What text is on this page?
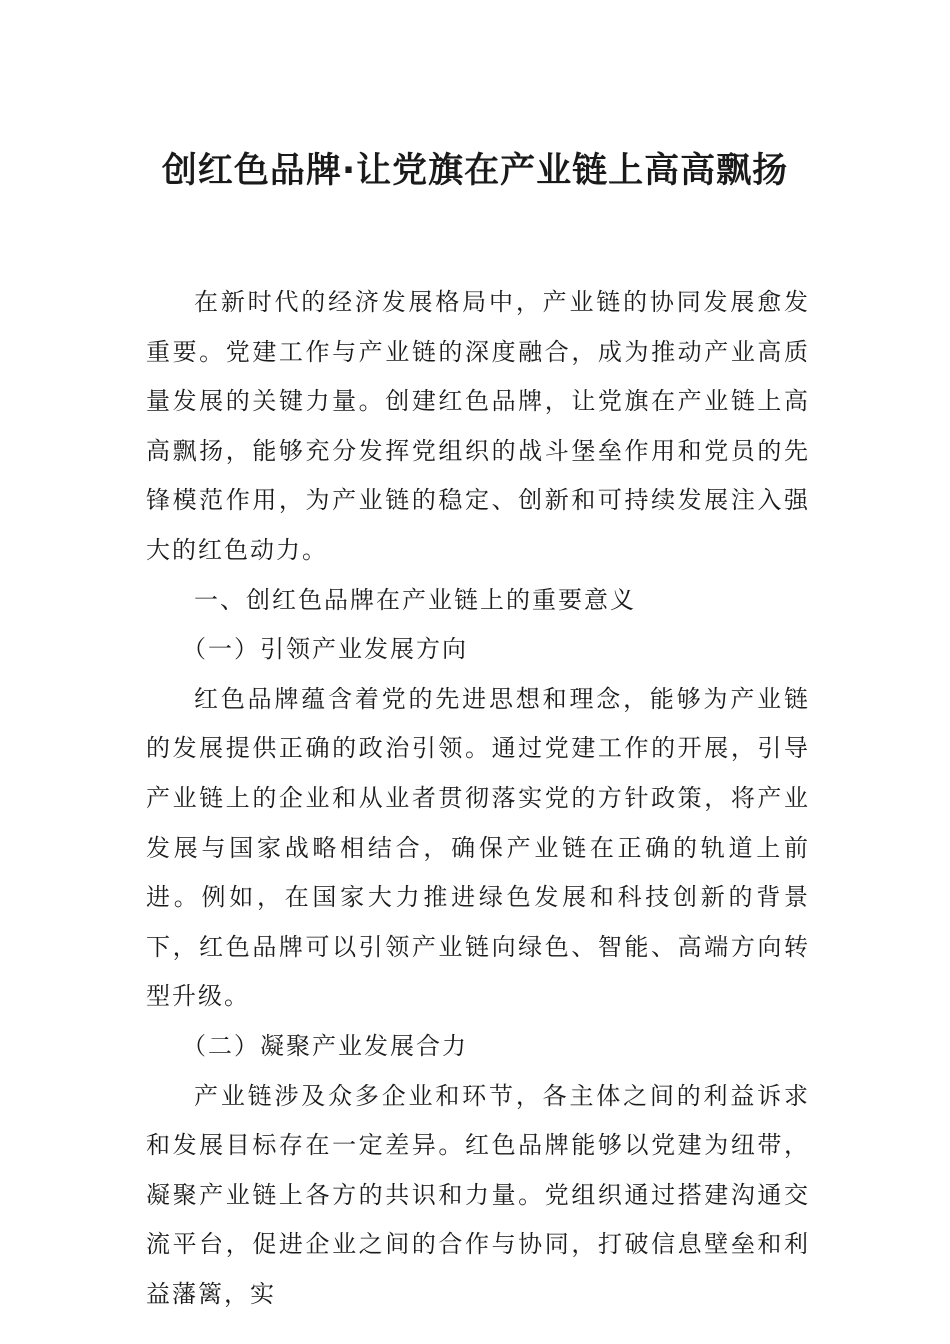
创红色品牌·让党旗在产业链上高高飘扬

在新时代的经济发展格局中，产业链的协同发展愈发重要。党建工作与产业链的深度融合，成为推动产业高质量发展的关键力量。创建红色品牌，让党旗在产业链上高高飘扬，能够充分发挥党组织的战斗堡垒作用和党员的先锋模范作用，为产业链的稳定、创新和可持续发展注入强大的红色动力。

一、创红色品牌在产业链上的重要意义

（一）引领产业发展方向

红色品牌蕴含着党的先进思想和理念，能够为产业链的发展提供正确的政治引领。通过党建工作的开展，引导产业链上的企业和从业者贯彻落实党的方针政策，将产业发展与国家战略相结合，确保产业链在正确的轨道上前进。例如，在国家大力推进绿色发展和科技创新的背景下，红色品牌可以引领产业链向绿色、智能、高端方向转型升级。

（二）凝聚产业发展合力

产业链涉及众多企业和环节，各主体之间的利益诉求和发展目标存在一定差异。红色品牌能够以党建为纽带，凝聚产业链上各方的共识和力量。党组织通过搭建沟通交流平台，促进企业之间的合作与协同，打破信息壁垒和利益藩篱，实
